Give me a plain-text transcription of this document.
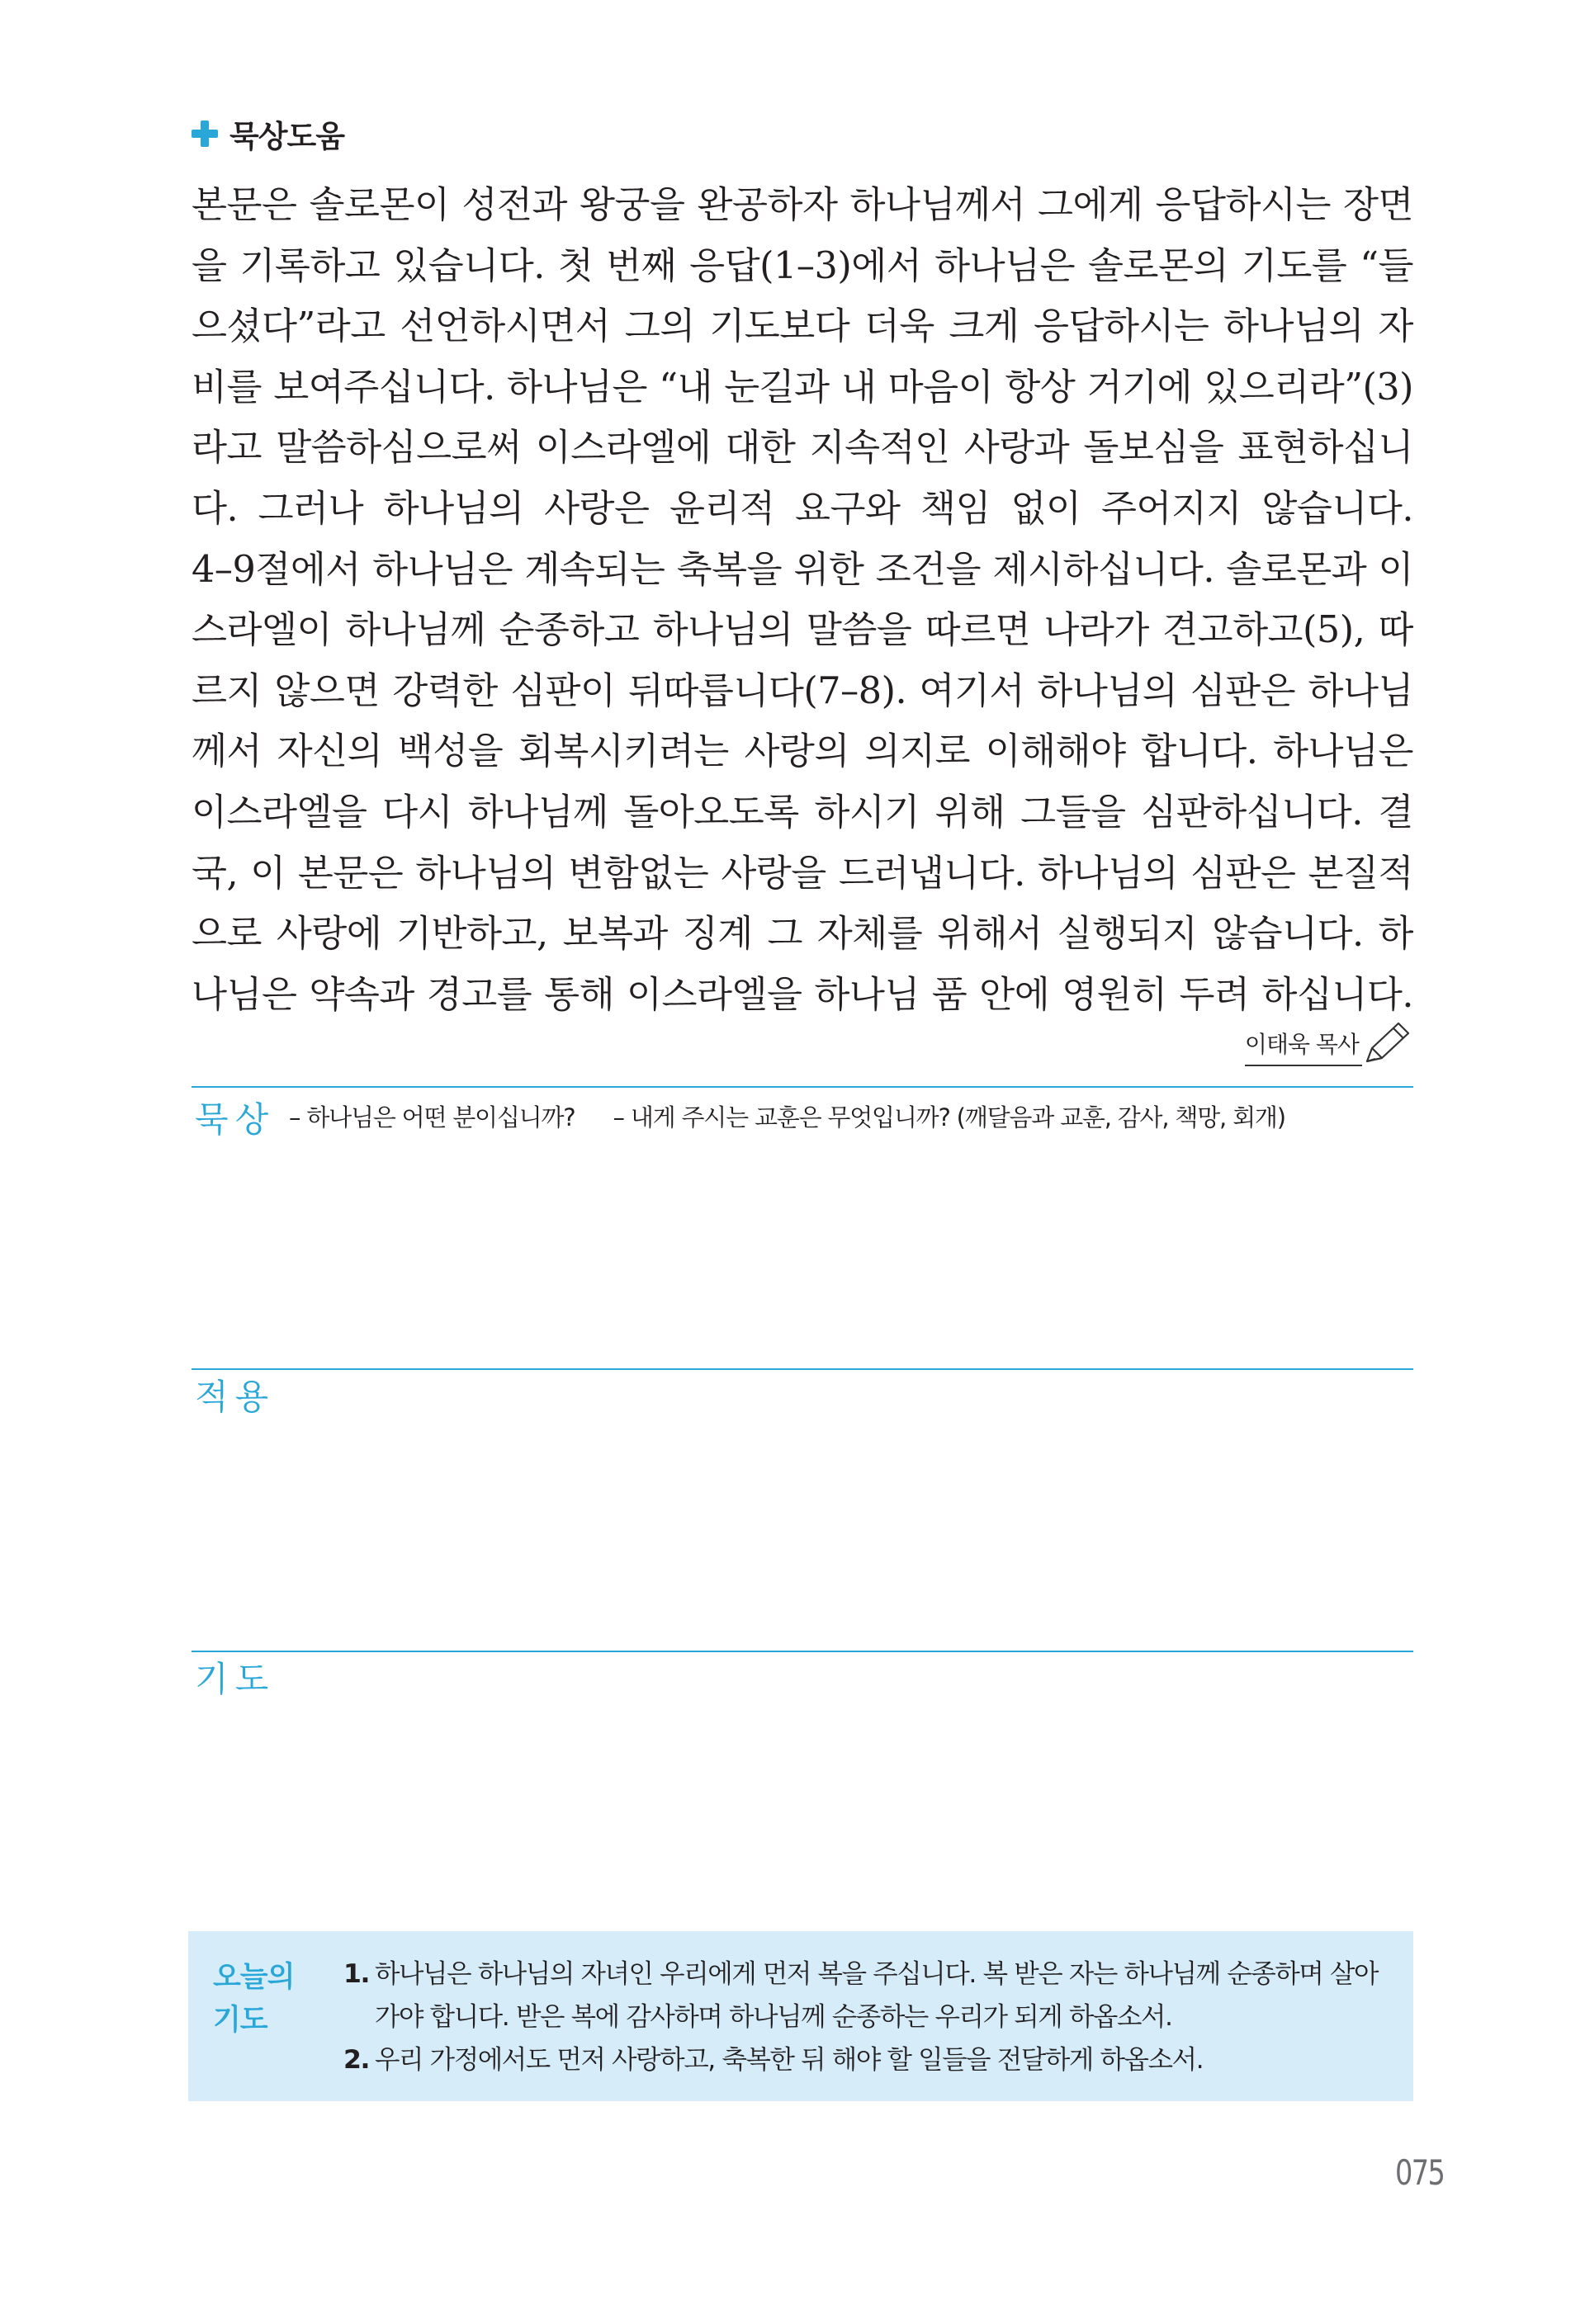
묵상도움
본문은 솔로몬이 성전과 왕궁을 완공하자 하나님께서 그에게 응답하시는 장면
을 기록하고 있습니다. 첫 번째 응답(1–3)에서 하나님은 솔로몬의 기도를 “들
으셨다”라고 선언하시면서 그의 기도보다 더욱 크게 응답하시는 하나님의 자
비를 보여주십니다. 하나님은 “내 눈길과 내 마음이 항상 거기에 있으리라”(3)
라고 말씀하심으로써 이스라엘에 대한 지속적인 사랑과 돌보심을 표현하십니
다. 그러나 하나님의 사랑은 윤리적 요구와 책임 없이 주어지지 않습니다.
4–9절에서 하나님은 계속되는 축복을 위한 조건을 제시하십니다. 솔로몬과 이
스라엘이 하나님께 순종하고 하나님의 말씀을 따르면 나라가 견고하고(5), 따
르지 않으면 강력한 심판이 뒤따릅니다(7–8). 여기서 하나님의 심판은 하나님
께서 자신의 백성을 회복시키려는 사랑의 의지로 이해해야 합니다. 하나님은
이스라엘을 다시 하나님께 돌아오도록 하시기 위해 그들을 심판하십니다. 결
국, 이 본문은 하나님의 변함없는 사랑을 드러냅니다. 하나님의 심판은 본질적
으로 사랑에 기반하고, 보복과 징계 그 자체를 위해서 실행되지 않습니다. 하
나님은 약속과 경고를 통해 이스라엘을 하나님 품 안에 영원히 두려 하십니다.
이태욱 목사
묵상 – 하나님은 어떤 분이십니까? – 내게 주시는 교훈은 무엇입니까? (깨달음과 교훈, 감사, 책망, 회개)
적용
기도
오늘의
기도
1. 하나님은 하나님의 자녀인 우리에게 먼저 복을 주십니다. 복 받은 자는 하나님께 순종하며 살아가야 합니다. 받은 복에 감사하며 하나님께 순종하는 우리가 되게 하옵소서.
2. 우리 가정에서도 먼저 사랑하고, 축복한 뒤 해야 할 일들을 전달하게 하옵소서.
075
